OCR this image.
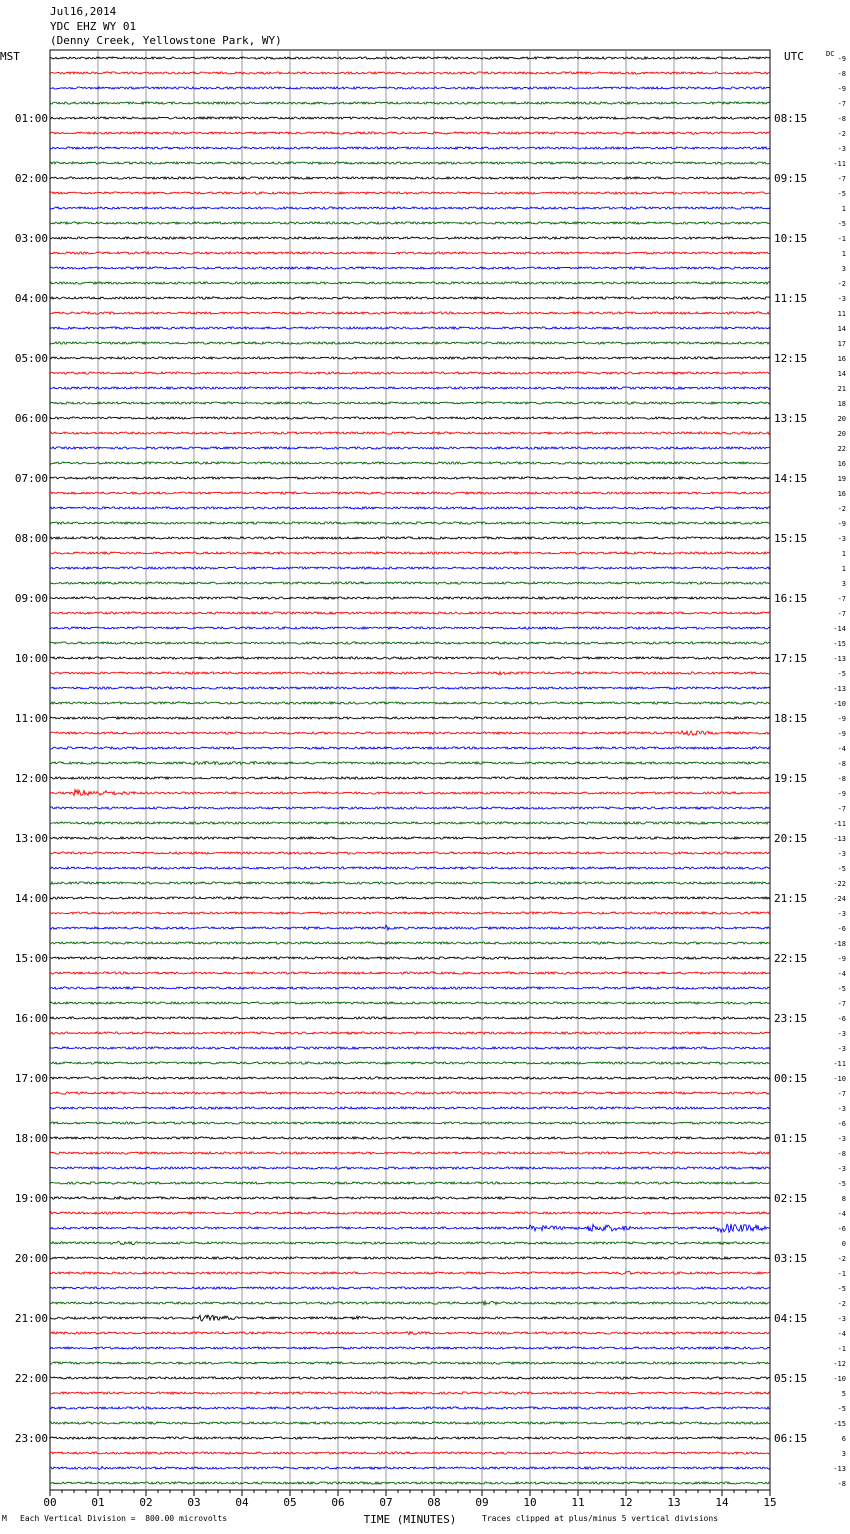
Jul16,2014
YDC EHZ WY 01
(Denny Creek, Yellowstone Park, WY)
00	01	02	03	04	05	06	07	08	09	10	11	12	13	14	15
TIME (MINUTES)
MST	UTC	DC
01:00
02:00
03:00
04:00
05:00
06:00
07:00
08:00
09:00
10:00
11:00
12:00
13:00
14:00
15:00
16:00
17:00
18:00
19:00
20:00
21:00
22:00
23:00
08:15
09:15
10:15
11:15
12:15
13:15
14:15
15:15
16:15
17:15
18:15
19:15
20:15
21:15
22:15
23:15
00:15
01:15
02:15
03:15
04:15
05:15
06:15
-9
-8
-9
-7
-8
-2
-3
-11
-7
-5
1
-5
-1
1
3
-2
-3
11
14
17
16
14
21
18
20
20
22
16
19
16
-2
-9
-3
1
1
3
-7
-7
-14
-15
-13
-5
-13
-10
-9
-9
-4
-8
-8
-9
-7
-11
-13
-3
-5
-22
-24
-3
-6
-18
-9
-4
-5
-7
-6
-3
-3
-11
-10
-7
-3
-6
-3
-8
-3
-5
8
-4
-6
0
-2
-1
-5
-2
-3
-4
-1
-12
-10
5
-5
-15
6
3
-13
-8
M Each Vertical Division =  800.00 microvolts	Traces clipped at plus/minus 5 vertical divisions
